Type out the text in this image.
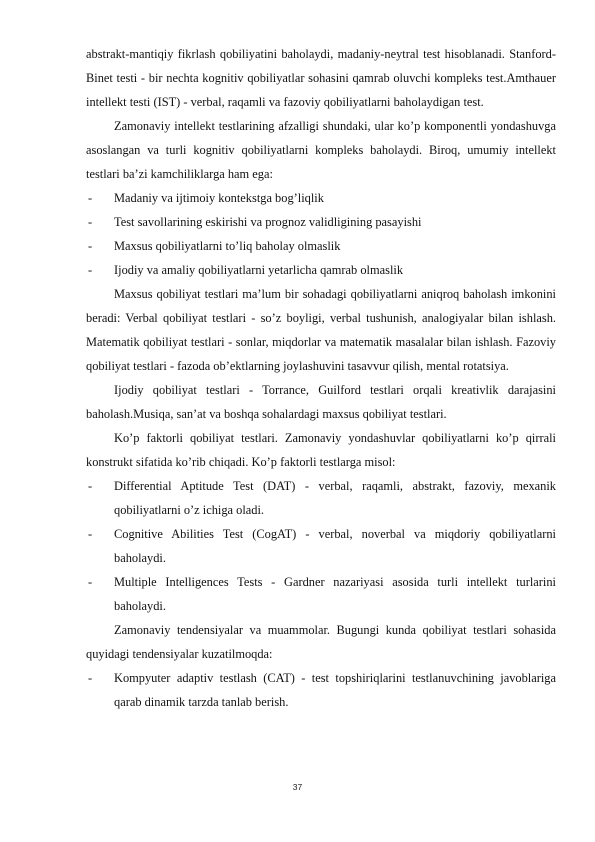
abstrakt-mantiqiy fikrlash qobiliyatini baholaydi, madaniy-neytral test hisoblanadi. Stanford-Binet testi - bir nechta kognitiv qobiliyatlar sohasini qamrab oluvchi kompleks test.Amthauer intellekt testi (IST) - verbal, raqamli va fazoviy qobiliyatlarni baholaydigan test.

Zamonaviy intellekt testlarining afzalligi shundaki, ular ko’p komponentli yondashuvga asoslangan va turli kognitiv qobiliyatlarni kompleks baholaydi. Biroq, umumiy intellekt testlari ba’zi kamchiliklarga ham ega:

-	Madaniy va ijtimoiy kontekstga bog’liqlik
-	Test savollarining eskirishi va prognoz validligining pasayishi
-	Maxsus qobiliyatlarni to’liq baholay olmaslik
-	Ijodiy va amaliy qobiliyatlarni yetarlicha qamrab olmaslik

Maxsus qobiliyat testlari ma’lum bir sohadagi qobiliyatlarni aniqroq baholash imkonini beradi: Verbal qobiliyat testlari - so’z boyligi, verbal tushunish, analogiyalar bilan ishlash. Matematik qobiliyat testlari - sonlar, miqdorlar va matematik masalalar bilan ishlash. Fazoviy qobiliyat testlari - fazoda ob’ektlarning joylashuvini tasavvur qilish, mental rotatsiya.

Ijodiy qobiliyat testlari - Torrance, Guilford testlari orqali kreativlik darajasini baholash.Musiqa, san’at va boshqa sohalardagi maxsus qobiliyat testlari.

Ko’p faktorli qobiliyat testlari. Zamonaviy yondashuvlar qobiliyatlarni ko’p qirrali konstrukt sifatida ko’rib chiqadi. Ko’p faktorli testlarga misol:

-	Differential Aptitude Test (DAT) - verbal, raqamli, abstrakt, fazoviy, mexanik qobiliyatlarni o’z ichiga oladi.
-	Cognitive Abilities Test (CogAT) - verbal, noverbal va miqdoriy qobiliyatlarni baholaydi.
-	Multiple Intelligences Tests - Gardner nazariyasi asosida turli intellekt turlarini baholaydi.

Zamonaviy tendensiyalar va muammolar. Bugungi kunda qobiliyat testlari sohasida quyidagi tendensiyalar kuzatilmoqda:

-	Kompyuter adaptiv testlash (CAT) - test topshiriqlarini testlanuvchining javoblariga qarab dinamik tarzda tanlab berish.
37
